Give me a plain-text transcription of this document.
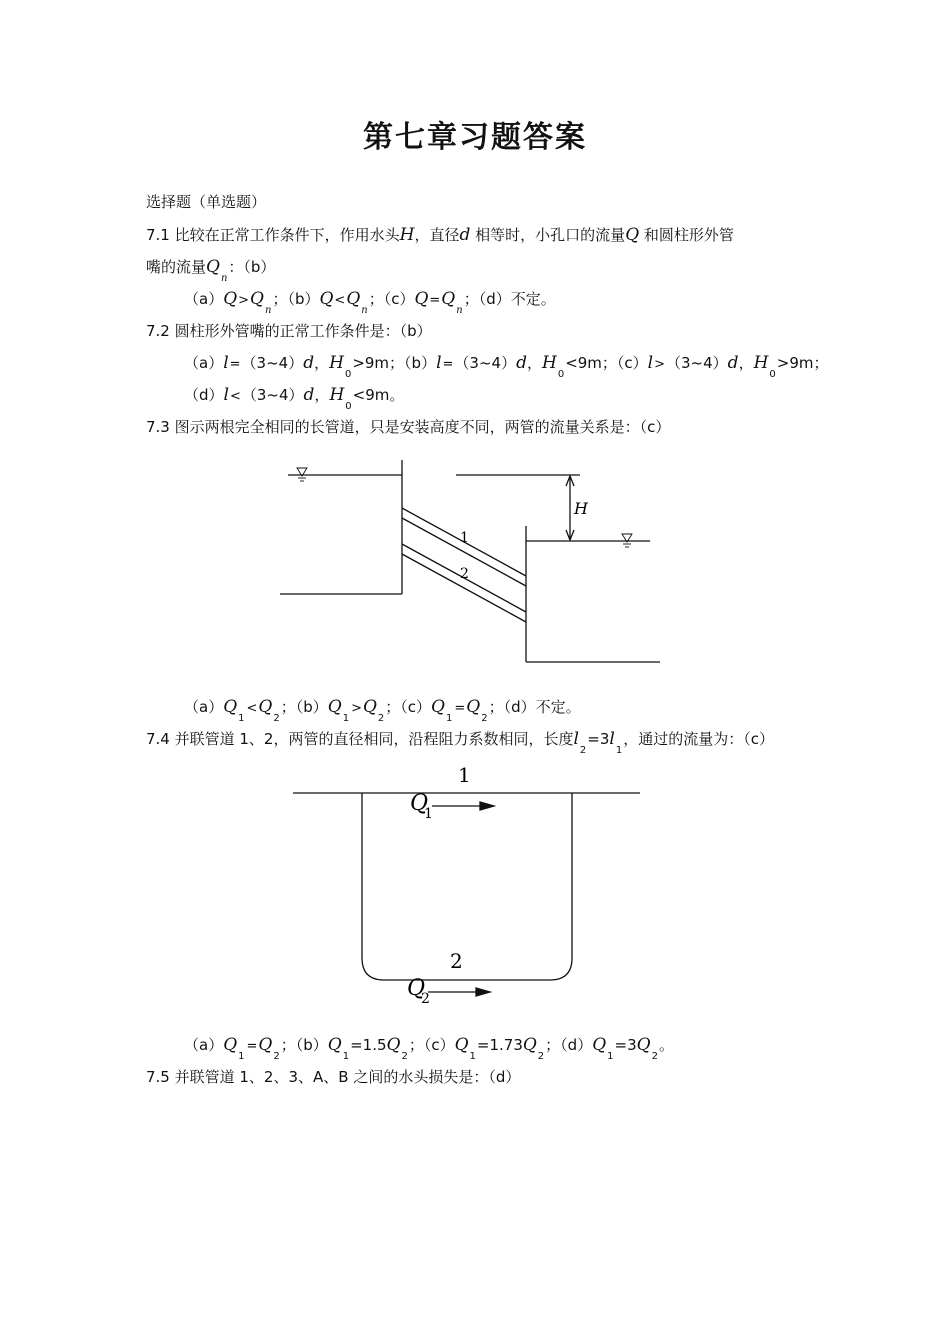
第七章习题答案
选择题（单选题）
7.1 比较在正常工作条件下，作用水头H，直径d 相等时，小孔口的流量Q 和圆柱形外管
嘴的流量$Q_n$：（b）
$(a)Q>Q_n$；$(b)Q<Q_n$；$(c)Q=Q_n$；（d）不定。
7.2 圆柱形外管嘴的正常工作条件是：（b）
（a）l=（3~4）d，$H_0>9m$；（b）l=（3~4）d，$H_0<9m$；（c）l>（3~4）d，$H_0>9m$；
（d）l<（3~4）d，$H_0<9m$。
7.3 图示两根完全相同的长管道，只是安装高度不同，两管的流量关系是：（c）
H
1
2
1
Q
1
2
Q
2
$(a)Q_1<Q_2$；$(b)Q_1>Q_2$；$(c)Q_1=Q_2$；（d）不定。
7.4 并联管道 1、2，两管的直径相同，沿程阻力系数相同，长度$l_2=3l_1$，通过的流量为：（c）
$(a)Q_1=Q_2$；$(b)Q_1=1.5Q_2$；$(c)Q_1=1.73Q_2$；$(d)Q_1=3Q_2$。
7.5 并联管道 1、2、3、A、B 之间的水头损失是：（d）
